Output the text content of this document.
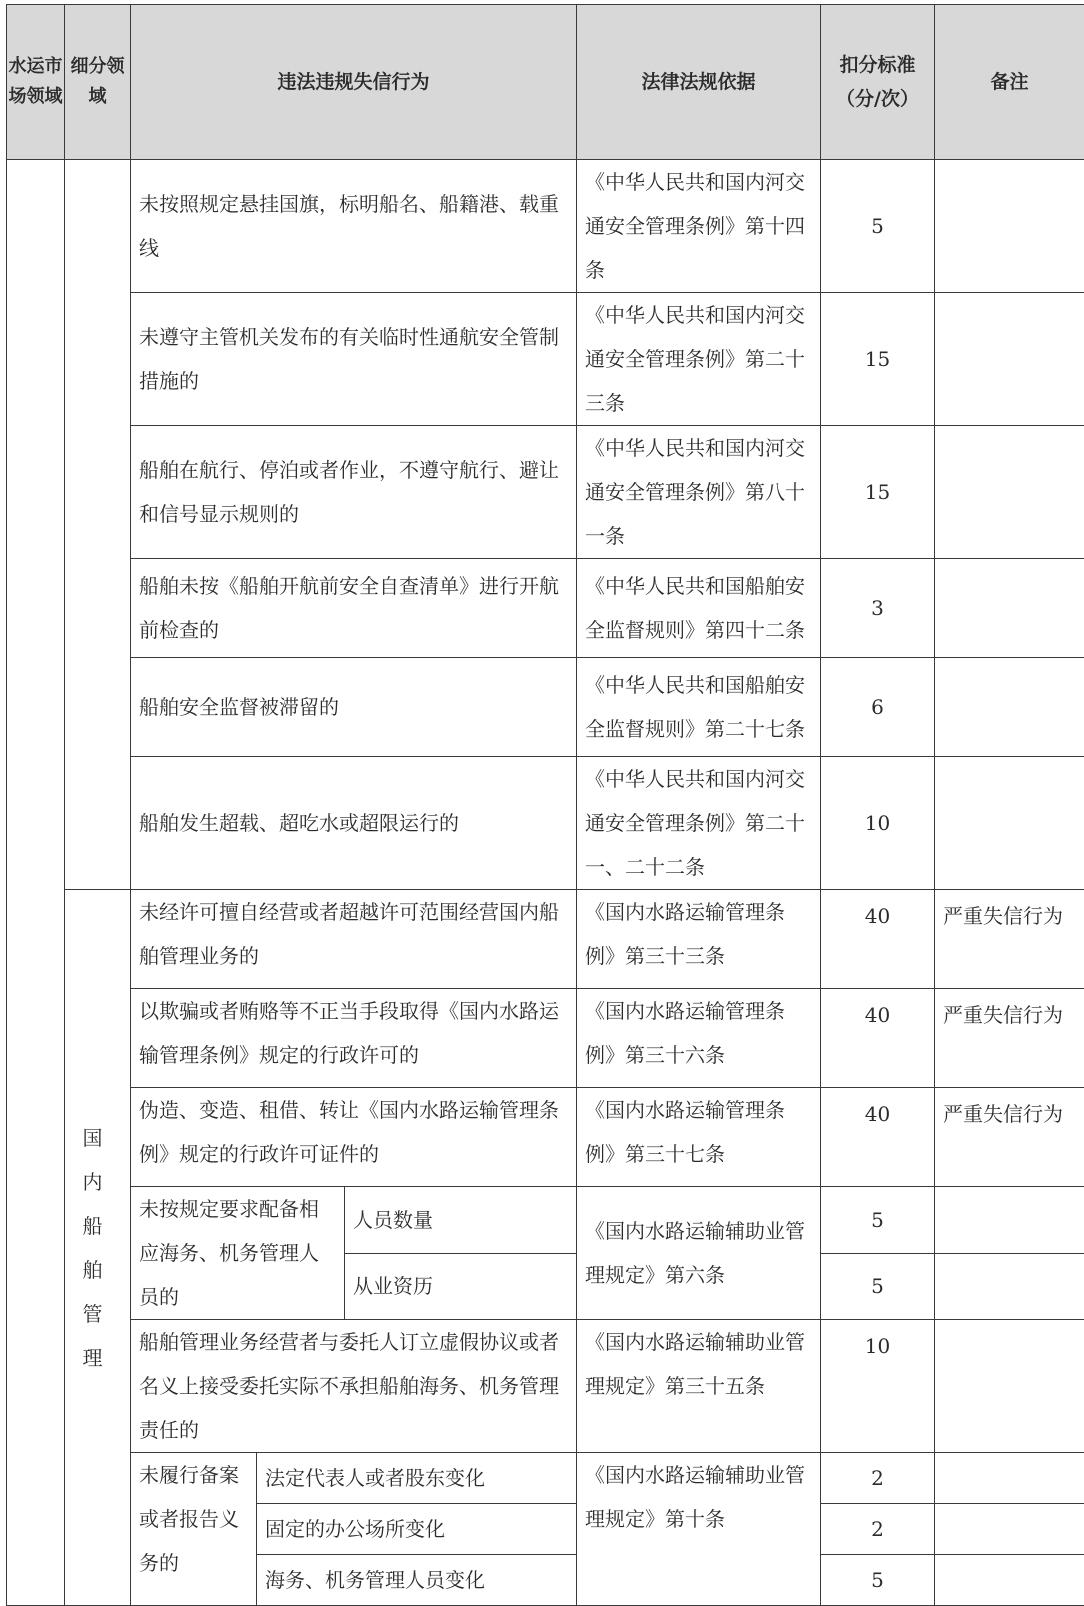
水运市场领域	细分领域	违法违规失信行为			法律法规依据	扣分标准（分/次）	备注
		未按照规定悬挂国旗，标明船名、船籍港、载重线			《中华人民共和国内河交通安全管理条例》第十四条	5	
		未遵守主管机关发布的有关临时性通航安全管制措施的			《中华人民共和国内河交通安全管理条例》第二十三条	15	
		船舶在航行、停泊或者作业，不遵守航行、避让和信号显示规则的			《中华人民共和国内河交通安全管理条例》第八十一条	15	
		船舶未按《船舶开航前安全自查清单》进行开航前检查的			《中华人民共和国船舶安全监督规则》第四十二条	3	
		船舶安全监督被滞留的			《中华人民共和国船舶安全监督规则》第二十七条	6	
		船舶发生超载、超吃水或超限运行的			《中华人民共和国内河交通安全管理条例》第二十一、二十二条	10	
	国内船舶管理	未经许可擅自经营或者超越许可范围经营国内船舶管理业务的			《国内水路运输管理条例》第三十三条	40	严重失信行为
		以欺骗或者贿赂等不正当手段取得《国内水路运输管理条例》规定的行政许可的			《国内水路运输管理条例》第三十六条	40	严重失信行为
		伪造、变造、租借、转让《国内水路运输管理条例》规定的行政许可证件的			《国内水路运输管理条例》第三十七条	40	严重失信行为
		未按规定要求配备相应海务、机务管理人员的		人员数量	《国内水路运输辅助业管理规定》第六条	5	
				从业资历		5	
		船舶管理业务经营者与委托人订立虚假协议或者名义上接受委托实际不承担船舶海务、机务管理责任的			《国内水路运输辅助业管理规定》第三十五条	10	
		未履行备案或者报告义务的	法定代表人或者股东变化		《国内水路运输辅助业管理规定》第十条	2	
			固定的办公场所变化			2	
			海务、机务管理人员变化			5	
